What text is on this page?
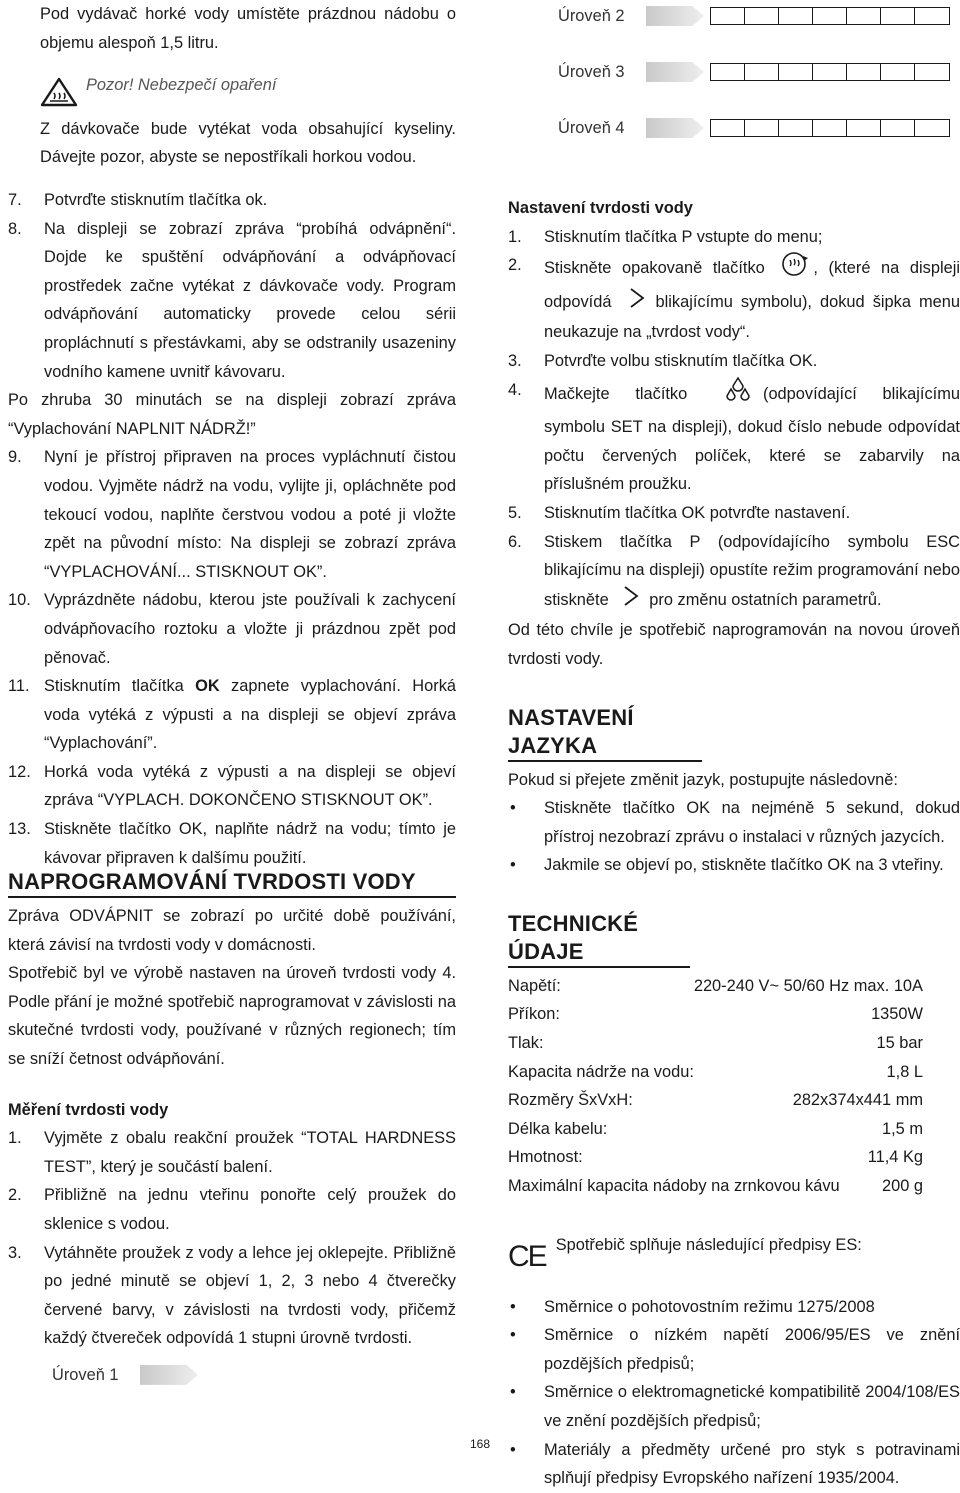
Pod vydávač horké vody umístěte prázdnou nádobu o objemu alespoň 1,5 litru.

Pozor! Nebezpečí opaření

Z dávkovače bude vytékat voda obsahující kyseliny. Dávejte pozor, abyste se nepostříkali horkou vodou.

7.	Potvrďte stisknutím tlačítka ok.
8.	Na displeji se zobrazí zpráva “probíhá odvápnění“. Dojde ke spuštění odvápňování a odvápňovací prostředek začne vytékat z dávkovače vody. Program odvápňování automaticky provede celou sérii propláchnutí s přestávkami, aby se odstranily usazeniny vodního kamene uvnitř kávovaru.
Po zhruba 30 minutách se na displeji zobrazí zpráva “Vyplachování NAPLNIT NÁDRŽ!”
9.	Nyní je přístroj připraven na proces vypláchnutí čistou vodou. Vyjměte nádrž na vodu, vylijte ji, opláchněte pod tekoucí vodou, naplňte čerstvou vodou a poté ji vložte zpět na původní místo: Na displeji se zobrazí zpráva “VYPLACHOVÁNÍ... STISKNOUT OK”.
10. Vyprázdněte nádobu, kterou jste používali k zachycení odvápňovacího roztoku a vložte ji prázdnou zpět pod pěnovač.
11. Stisknutím tlačítka OK zapnete vyplachování. Horká voda vytéká z výpusti a na displeji se objeví zpráva “Vyplachování”.
12. Horká voda vytéká z výpusti a na displeji se objeví zpráva “VYPLACH. DOKONČENO STISKNOUT OK”.
13. Stiskněte tlačítko OK, naplňte nádrž na vodu; tímto je kávovar připraven k dalšímu použití.
NAPROGRAMOVÁNÍ TVRDOSTI VODY

Zpráva ODVÁPNIT se zobrazí po určité době používání, která závisí na tvrdosti vody v domácnosti.

Spotřebič byl ve výrobě nastaven na úroveň tvrdosti vody 4. Podle přání je možné spotřebič naprogramovat v závislosti na skutečné tvrdosti vody, používané v různých regionech; tím se sníží četnost odvápňování.

Měření tvrdosti vody

1.	Vyjměte z obalu reakční proužek “TOTAL HARDNESS TEST”, který je součástí balení.
2.	Přibližně na jednu vteřinu ponořte celý proužek do sklenice s vodou.
3.	Vytáhněte proužek z vody a lehce jej oklepejte. Přibližně po jedné minutě se objeví 1, 2, 3 nebo 4 čtverečky červené barvy, v závislosti na tvrdosti vody, přičemž každý čtvereček odpovídá 1 stupni úrovně tvrdosti.
Úroveň 1
Úroveň 2
Úroveň 3
Úroveň 4

Nastavení tvrdosti vody

1.	Stisknutím tlačítka P vstupte do menu;
2.	Stiskněte opakovaně tlačítko	, (které na displeji odpovídá	blikajícímu symbolu), dokud šipka menu neukazuje na „tvrdost vody“.
3.	Potvrďte volbu stisknutím tlačítka OK.
4.	Mačkejte tlačítko	(odpovídající blikajícímu symbolu SET na displeji), dokud číslo nebude odpovídat počtu červených políček, které se zabarvily na příslušném proužku.
5.	Stisknutím tlačítka OK potvrďte nastavení.
6.	Stiskem tlačítka P (odpovídajícího symbolu ESC blikajícímu na displeji) opustíte režim programování nebo stiskněte pro změnu ostatních parametrů.

Od této chvíle je spotřebič naprogramován na novou úroveň tvrdosti vody.

NASTAVENÍ JAZYKA

Pokud si přejete změnit jazyk, postupujte následovně:

•	Stiskněte tlačítko OK na nejméně 5 sekund, dokud přístroj nezobrazí zprávu o instalaci v různých jazycích.
•	Jakmile se objeví po, stiskněte tlačítko OK na 3 vteřiny.
TECHNICKÉ ÚDAJE
Napětí:	220-240 V~ 50/60 Hz max. 10A
Příkon:	1350W
Tlak:	15 bar
Kapacita nádrže na vodu:	1,8 L
Rozměry ŠxVxH:	282x374x441 mm
Délka kabelu:	1,5 m
Hmotnost:	11,4 Kg
Maximální kapacita nádoby na zrnkovou kávu	200 g
CE Spotřebič splňuje následující předpisy ES:
•	Směrnice o pohotovostním režimu 1275/2008
•	Směrnice o nízkém napětí 2006/95/ES ve znění pozdějších předpisů;
•	Směrnice o elektromagnetické kompatibilitě 2004/108/ES ve znění pozdějších předpisů;
•	Materiály a předměty určené pro styk s potravinami splňují předpisy Evropského nařízení 1935/2004.
168
